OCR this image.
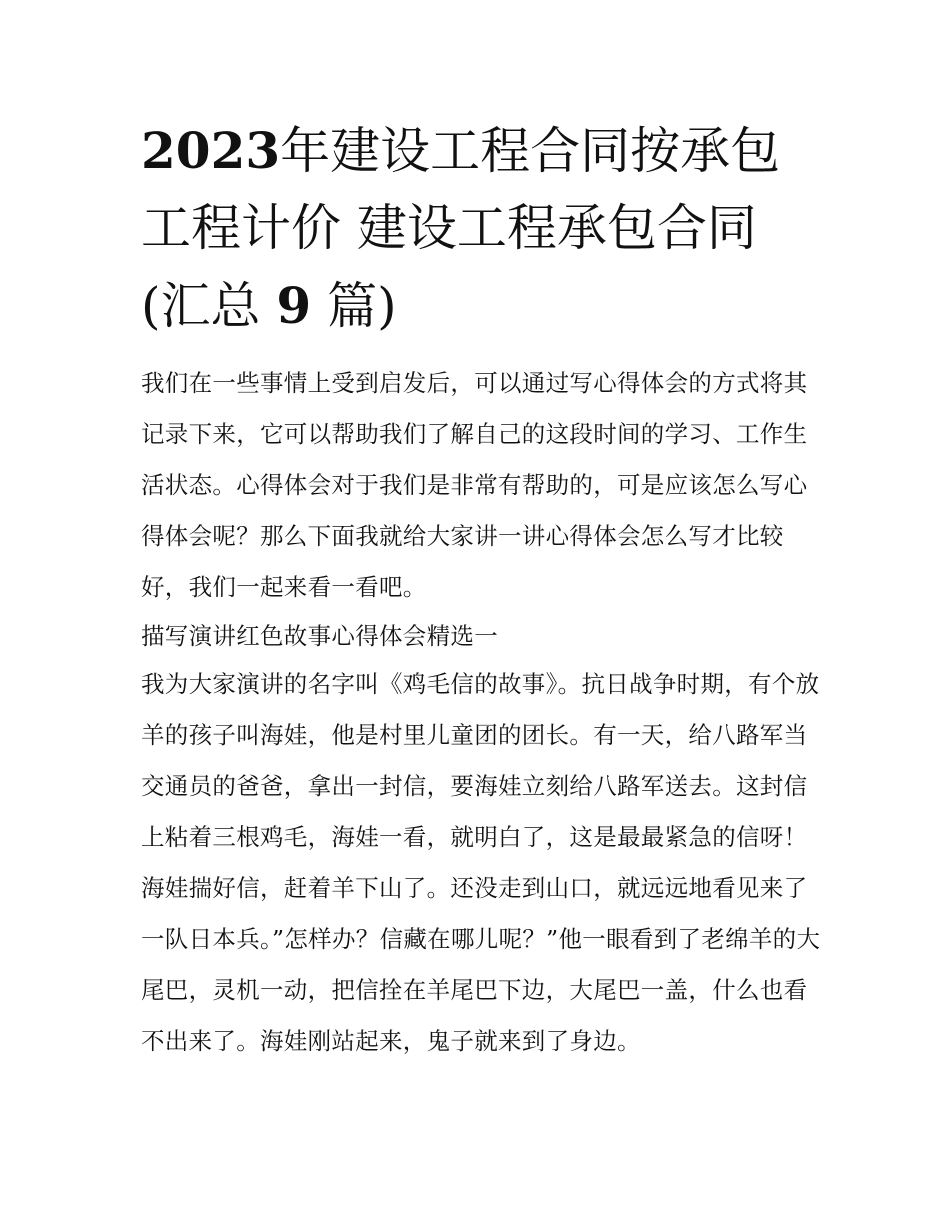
2023年建设工程合同按承包工程计价 建设工程承包合同(汇总 9 篇)

我们在一些事情上受到启发后，可以通过写心得体会的方式将其记录下来，它可以帮助我们了解自己的这段时间的学习、工作生活状态。心得体会对于我们是非常有帮助的，可是应该怎么写心得体会呢？那么下面我就给大家讲一讲心得体会怎么写才比较好，我们一起来看一看吧。

描写演讲红色故事心得体会精选一

我为大家演讲的名字叫《鸡毛信的故事》。抗日战争时期，有个放羊的孩子叫海娃，他是村里儿童团的团长。有一天，给八路军当交通员的爸爸，拿出一封信，要海娃立刻给八路军送去。这封信上粘着三根鸡毛，海娃一看，就明白了，这是最最紧急的信呀！

海娃揣好信，赶着羊下山了。还没走到山口，就远远地看见来了一队日本兵。”怎样办？信藏在哪儿呢？”他一眼看到了老绵羊的大尾巴，灵机一动，把信拴在羊尾巴下边，大尾巴一盖，什么也看不出来了。海娃刚站起来，鬼子就来到了身边。
